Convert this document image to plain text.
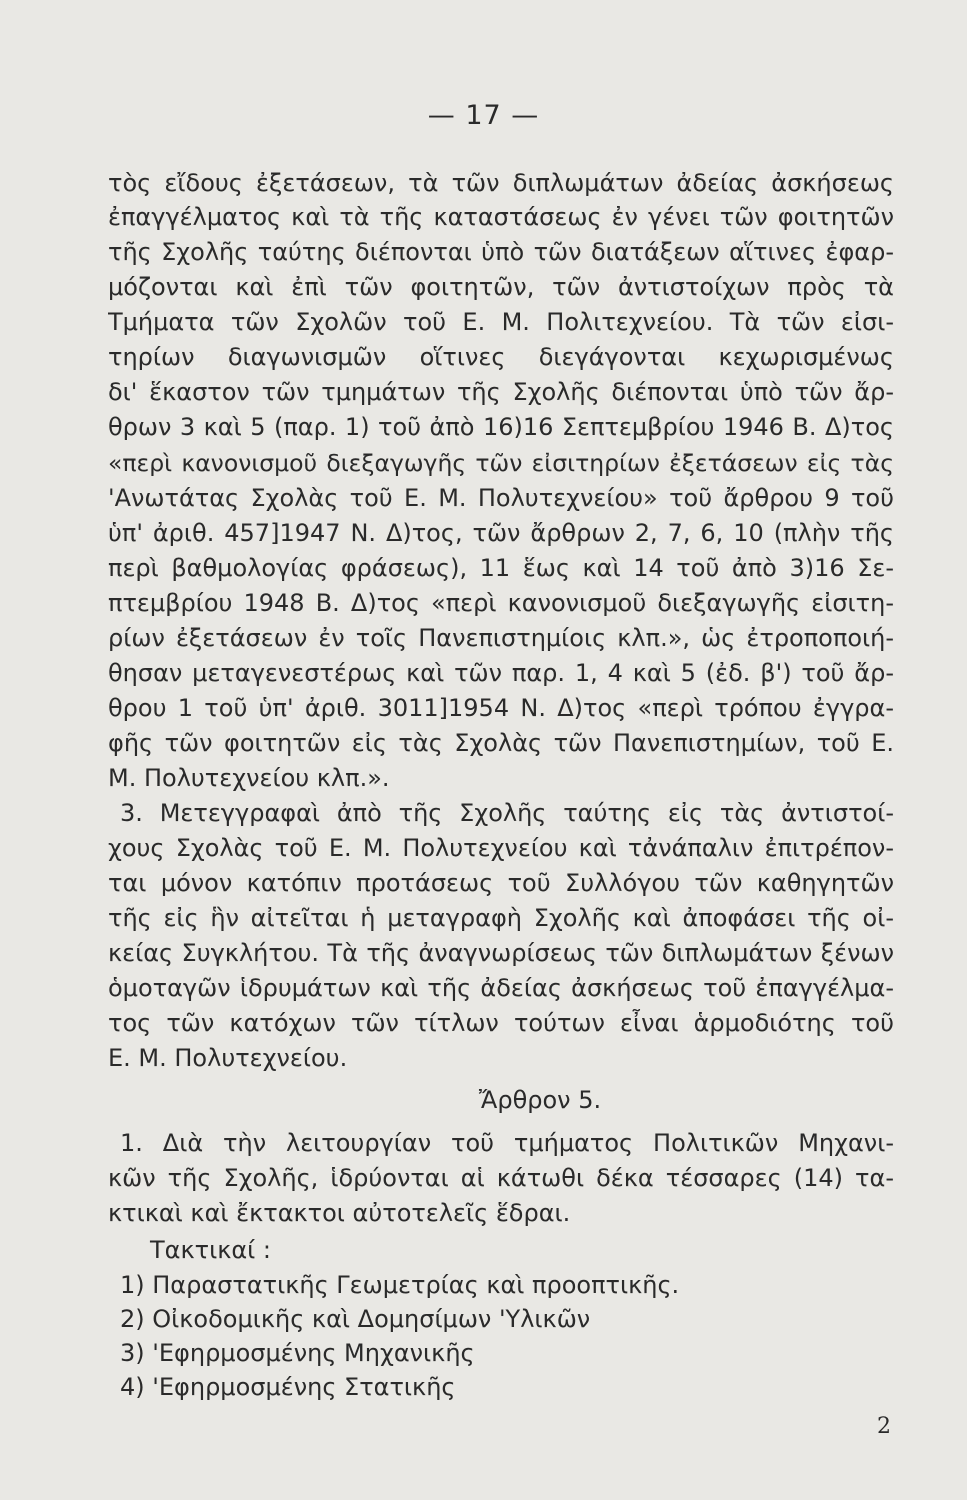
— 17 —
τὸς εἴδους ἐξετάσεων, τὰ τῶν διπλωμάτων ἀδείας ἀσκήσεως
ἐπαγγέλματος καὶ τὰ τῆς καταστάσεως ἐν γένει τῶν φοιτητῶν
τῆς Σχολῆς ταύτης διέπονται ὑπὸ τῶν διατάξεων αἵτινες ἐφαρ-
μόζονται καὶ ἐπὶ τῶν φοιτητῶν, τῶν ἀντιστοίχων πρὸς τὰ
Τμήματα τῶν Σχολῶν τοῦ Ε. Μ. Πολιτεχνείου. Τὰ τῶν εἰσι-
τηρίων διαγωνισμῶν οἵτινες διεγάγονται κεχωρισμένως
δι' ἕκαστον τῶν τμημάτων τῆς Σχολῆς διέπονται ὑπὸ τῶν ἄρ-
θρων 3 καὶ 5 (παρ. 1) τοῦ ἀπὸ 16)16 Σεπτεμβρίου 1946 Β. Δ)τος
«περὶ κανονισμοῦ διεξαγωγῆς τῶν εἰσιτηρίων ἐξετάσεων εἰς τὰς
'Ανωτάτας Σχολὰς τοῦ Ε. Μ. Πολυτεχνείου» τοῦ ἄρθρου 9 τοῦ
ὑπ' ἀριθ. 457]1947 Ν. Δ)τος, τῶν ἄρθρων 2, 7, 6, 10 (πλὴν τῆς
περὶ βαθμολογίας φράσεως), 11 ἕως καὶ 14 τοῦ ἀπὸ 3)16 Σε-
πτεμβρίου 1948 Β. Δ)τος «περὶ κανονισμοῦ διεξαγωγῆς εἰσιτη-
ρίων ἐξετάσεων ἐν τοῖς Πανεπιστημίοις κλπ.», ὡς ἐτροποποιή-
θησαν μεταγενεστέρως καὶ τῶν παρ. 1, 4 καὶ 5 (ἐδ. β') τοῦ ἄρ-
θρου 1 τοῦ ὑπ' ἀριθ. 3011]1954 Ν. Δ)τος «περὶ τρόπου ἐγγρα-
φῆς τῶν φοιτητῶν εἰς τὰς Σχολὰς τῶν Πανεπιστημίων, τοῦ Ε.
Μ. Πολυτεχνείου κλπ.».
3. Μετεγγραφαὶ ἀπὸ τῆς Σχολῆς ταύτης εἰς τὰς ἀντιστοί-
χους Σχολὰς τοῦ Ε. Μ. Πολυτεχνείου καὶ τἀνάπαλιν ἐπιτρέπον-
ται μόνον κατόπιν προτάσεως τοῦ Συλλόγου τῶν καθηγητῶν
τῆς εἰς ἣν αἰτεῖται ἡ μεταγραφὴ Σχολῆς καὶ ἀποφάσει τῆς οἰ-
κείας Συγκλήτου. Τὰ τῆς ἀναγνωρίσεως τῶν διπλωμάτων ξένων
ὁμοταγῶν ἱδρυμάτων καὶ τῆς ἀδείας ἀσκήσεως τοῦ ἐπαγγέλμα-
τος τῶν κατόχων τῶν τίτλων τούτων εἶναι ἁρμοδιότης τοῦ
Ε. Μ. Πολυτεχνείου.
Ἄρθρον 5.
1. Διὰ τὴν λειτουργίαν τοῦ τμήματος Πολιτικῶν Μηχανι-
κῶν τῆς Σχολῆς, ἱδρύονται αἱ κάτωθι δέκα τέσσαρες (14) τα-
κτικαὶ καὶ ἔκτακτοι αὐτοτελεῖς ἕδραι.
Τακτικαί :
1) Παραστατικῆς Γεωμετρίας καὶ προοπτικῆς.
2) Οἰκοδομικῆς καὶ Δομησίμων 'Υλικῶν
3) 'Εφηρμοσμένης Μηχανικῆς
4) 'Εφηρμοσμένης Στατικῆς
2
